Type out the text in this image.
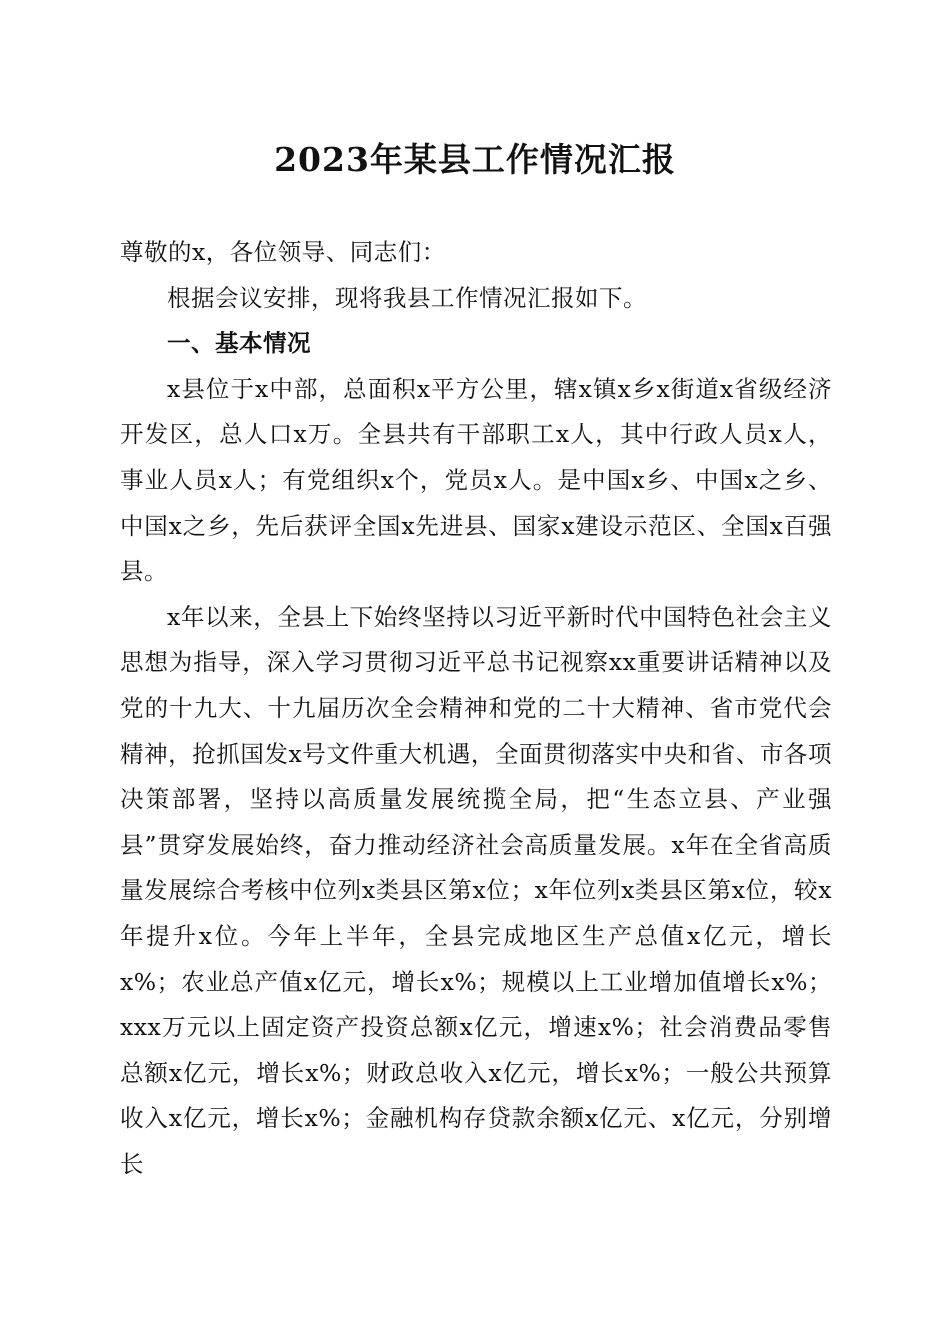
2023年某县工作情况汇报

尊敬的x，各位领导、同志们：

根据会议安排，现将我县工作情况汇报如下。

一、基本情况

x县位于x中部，总面积x平方公里，辖x镇x乡x街道x省级经济开发区，总人口x万。全县共有干部职工x人，其中行政人员x人，事业人员x人；有党组织x个，党员x人。是中国x乡、中国x之乡、中国x之乡，先后获评全国x先进县、国家x建设示范区、全国x百强县。

x年以来，全县上下始终坚持以习近平新时代中国特色社会主义思想为指导，深入学习贯彻习近平总书记视察xx重要讲话精神以及党的十九大、十九届历次全会精神和党的二十大精神、省市党代会精神，抢抓国发x号文件重大机遇，全面贯彻落实中央和省、市各项决策部署，坚持以高质量发展统揽全局，把“生态立县、产业强县”贯穿发展始终，奋力推动经济社会高质量发展。x年在全省高质量发展综合考核中位列x类县区第x位；x年位列x类县区第x位，较x年提升x位。今年上半年，全县完成地区生产总值x亿元，增长x%；农业总产值x亿元，增长x%；规模以上工业增加值增长x%；xxx万元以上固定资产投资总额x亿元，增速x%；社会消费品零售总额x亿元，增长x%；财政总收入x亿元，增长x%；一般公共预算收入x亿元，增长x%；金融机构存贷款余额x亿元、x亿元，分别增长
